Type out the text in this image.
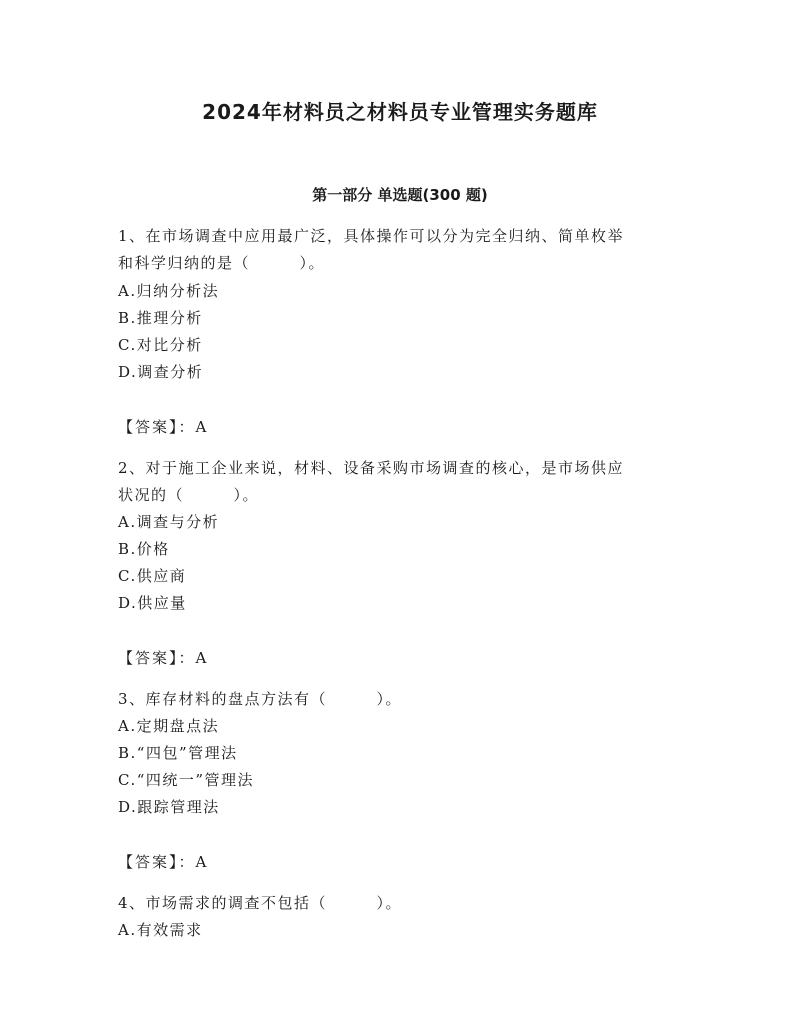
2024年材料员之材料员专业管理实务题库
第一部分 单选题(300 题)

1、在市场调查中应用最广泛，具体操作可以分为完全归纳、简单枚举

和科学归纳的是（　　　）。

A.归纳分析法

B.推理分析

C.对比分析

D.调查分析

【答案】：A

2、对于施工企业来说，材料、设备采购市场调查的核心，是市场供应

状况的（　　　）。

A.调查与分析

B.价格

C.供应商

D.供应量

【答案】：A

3、库存材料的盘点方法有（　　　）。

A.定期盘点法

B.“四包”管理法

C.“四统一”管理法

D.跟踪管理法

【答案】：A

4、市场需求的调查不包括（　　　）。

A.有效需求
